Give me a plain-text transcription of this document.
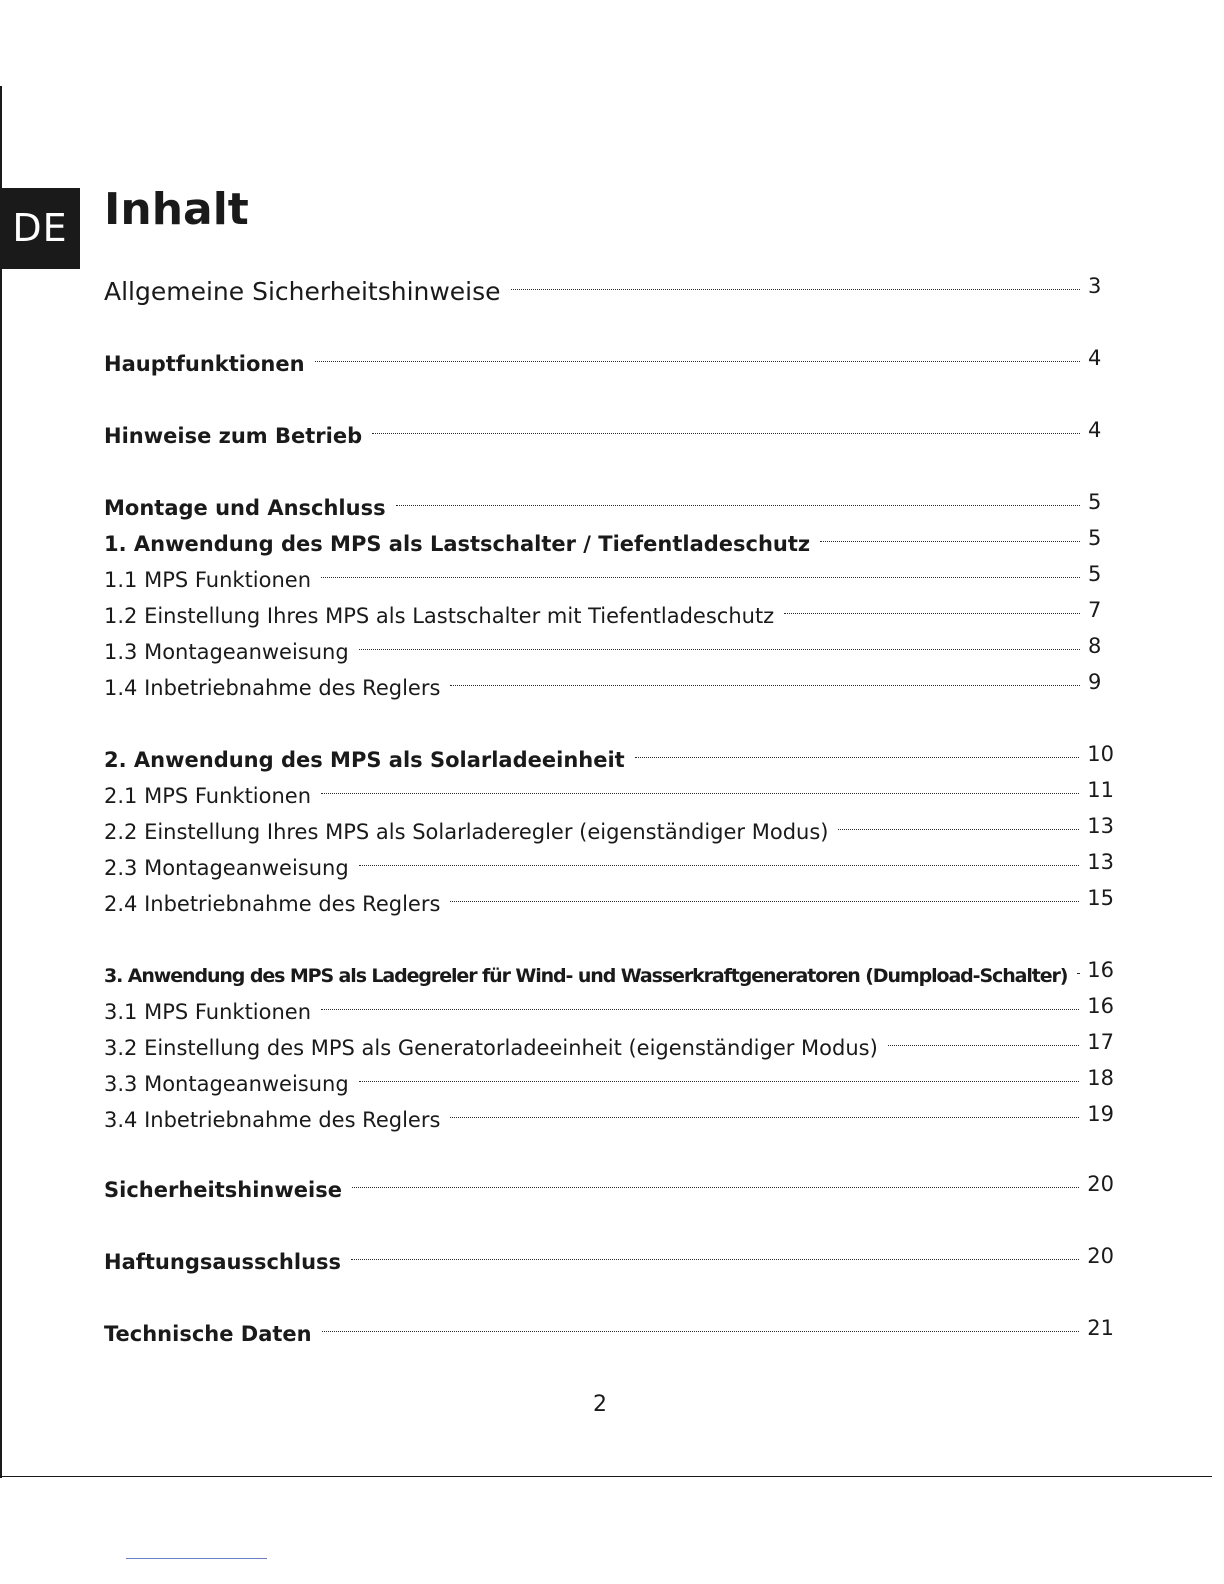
DE Inhalt
Allgemeine Sicherheitshinweise	3
Hauptfunktionen	4
Hinweise zum Betrieb	4
Montage und Anschluss	5
1. Anwendung des MPS als Lastschalter / Tiefentladeschutz	5
1.1 MPS Funktionen	5
1.2 Einstellung Ihres MPS als Lastschalter mit Tiefentladeschutz	7
1.3 Montageanweisung	8
1.4 Inbetriebnahme des Reglers	9
2. Anwendung des MPS als Solarladeeinheit	10
2.1 MPS Funktionen	11
2.2 Einstellung Ihres MPS als Solarladeregler (eigenständiger Modus)	13
2.3 Montageanweisung	13
2.4 Inbetriebnahme des Reglers	15
3. Anwendung des MPS als Ladegreler für Wind- und Wasserkraftgeneratoren (Dumpload-Schalter) 16
3.1 MPS Funktionen	16
3.2 Einstellung des MPS als Generatorladeeinheit (eigenständiger Modus)	17
3.3 Montageanweisung	18
3.4 Inbetriebnahme des Reglers	19
Sicherheitshinweise	20
Haftungsausschluss	20
Technische Daten	21
2
